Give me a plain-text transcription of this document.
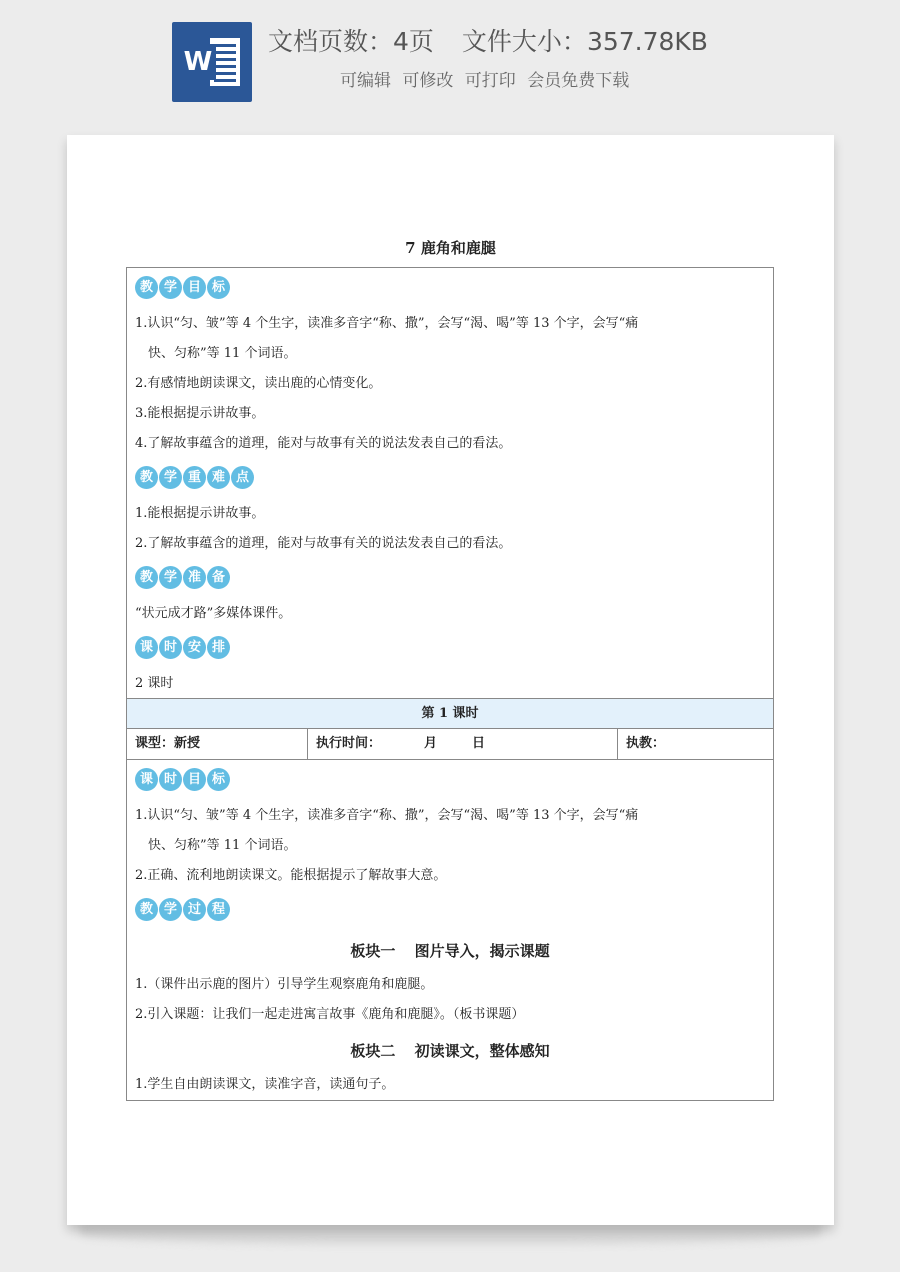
W
文档页数：4页 文件大小：357.78KB
可编辑 可修改 可打印 会员免费下载
7 鹿角和鹿腿
教 学 目 标
1.认识“匀、皱”等 4 个生字，读准多音字“称、撒”，会写“渴、喝”等 13 个字，会写“痛
快、匀称”等 11 个词语。
2.有感情地朗读课文，读出鹿的心情变化。
3.能根据提示讲故事。
4.了解故事蕴含的道理，能对与故事有关的说法发表自己的看法。
教 学 重 难 点
1.能根据提示讲故事。
2.了解故事蕴含的道理，能对与故事有关的说法发表自己的看法。
教 学 准 备
“状元成才路”多媒体课件。
课 时 安 排
2 课时
第 1 课时
课型：新授	执行时间：	月	日	执教：
课 时 目 标
1.认识“匀、皱”等 4 个生字，读准多音字“称、撒”，会写“渴、喝”等 13 个字，会写“痛
快、匀称”等 11 个词语。
2.正确、流利地朗读课文。能根据提示了解故事大意。
教 学 过 程
板块一 图片导入，揭示课题
1.（课件出示鹿的图片）引导学生观察鹿角和鹿腿。
2.引入课题：让我们一起走进寓言故事《鹿角和鹿腿》。（板书课题）
板块二 初读课文，整体感知
1.学生自由朗读课文，读准字音，读通句子。
